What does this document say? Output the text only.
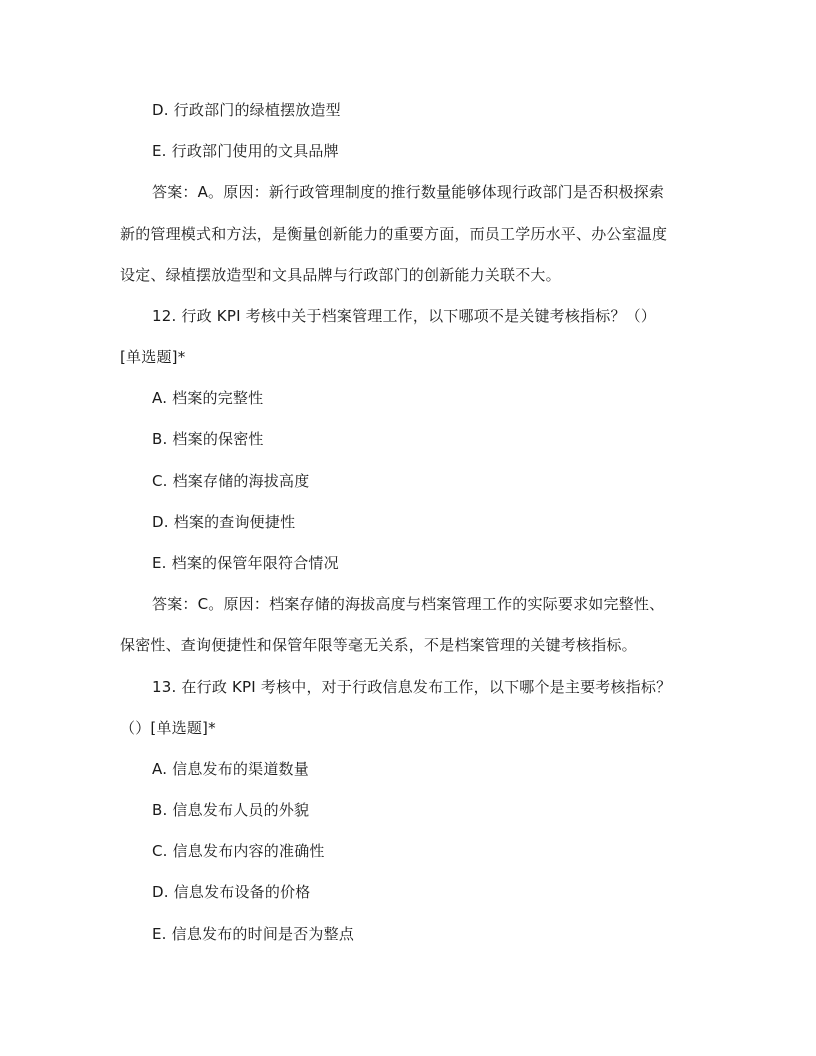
D. 行政部门的绿植摆放造型
E. 行政部门使用的文具品牌
答案：A。原因：新行政管理制度的推行数量能够体现行政部门是否积极探索
新的管理模式和方法，是衡量创新能力的重要方面，而员工学历水平、办公室温度
设定、绿植摆放造型和文具品牌与行政部门的创新能力关联不大。
12. 行政 KPI 考核中关于档案管理工作，以下哪项不是关键考核指标？（）
[单选题]*
A. 档案的完整性
B. 档案的保密性
C. 档案存储的海拔高度
D. 档案的查询便捷性
E. 档案的保管年限符合情况
答案：C。原因：档案存储的海拔高度与档案管理工作的实际要求如完整性、
保密性、查询便捷性和保管年限等毫无关系，不是档案管理的关键考核指标。
13. 在行政 KPI 考核中，对于行政信息发布工作，以下哪个是主要考核指标？
（）[单选题]*
A. 信息发布的渠道数量
B. 信息发布人员的外貌
C. 信息发布内容的准确性
D. 信息发布设备的价格
E. 信息发布的时间是否为整点
